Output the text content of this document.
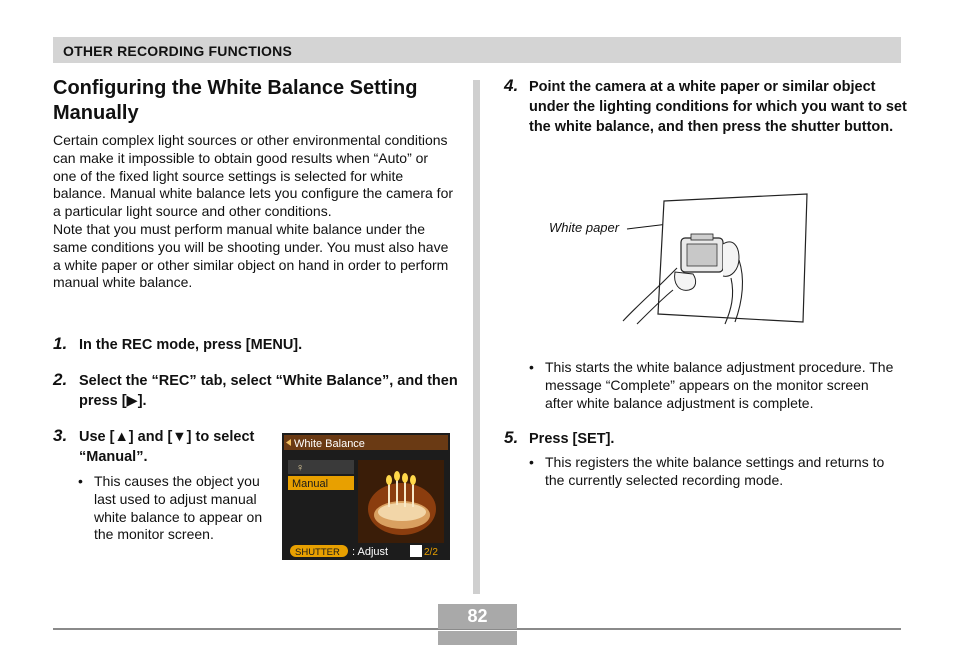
OTHER RECORDING FUNCTIONS
Configuring the White Balance Setting Manually

Certain complex light sources or other environmental conditions can make it impossible to obtain good results when “Auto” or one of the fixed light source settings is selected for white balance. Manual white balance lets you configure the camera for a particular light source and other conditions.

Note that you must perform manual white balance under the same conditions you will be shooting under. You must also have a white paper or other similar object on hand in order to perform manual white balance.

1. In the REC mode, press [MENU].
2. Select the “REC” tab, select “White Balance”, and then press [▶].
3. Use [▲] and [▼] to select “Manual”.
• This causes the object you last used to adjust manual white balance to appear on the monitor screen.
White Balance
♀
Manual
SHUTTER : Adjust	2/2
4. Point the camera at a white paper or similar object under the lighting conditions for which you want to set the white balance, and then press the shutter button.
White paper
• This starts the white balance adjustment procedure. The message “Complete” appears on the monitor screen after white balance adjustment is complete.
5. Press [SET].
• This registers the white balance settings and returns to the currently selected recording mode.
82
